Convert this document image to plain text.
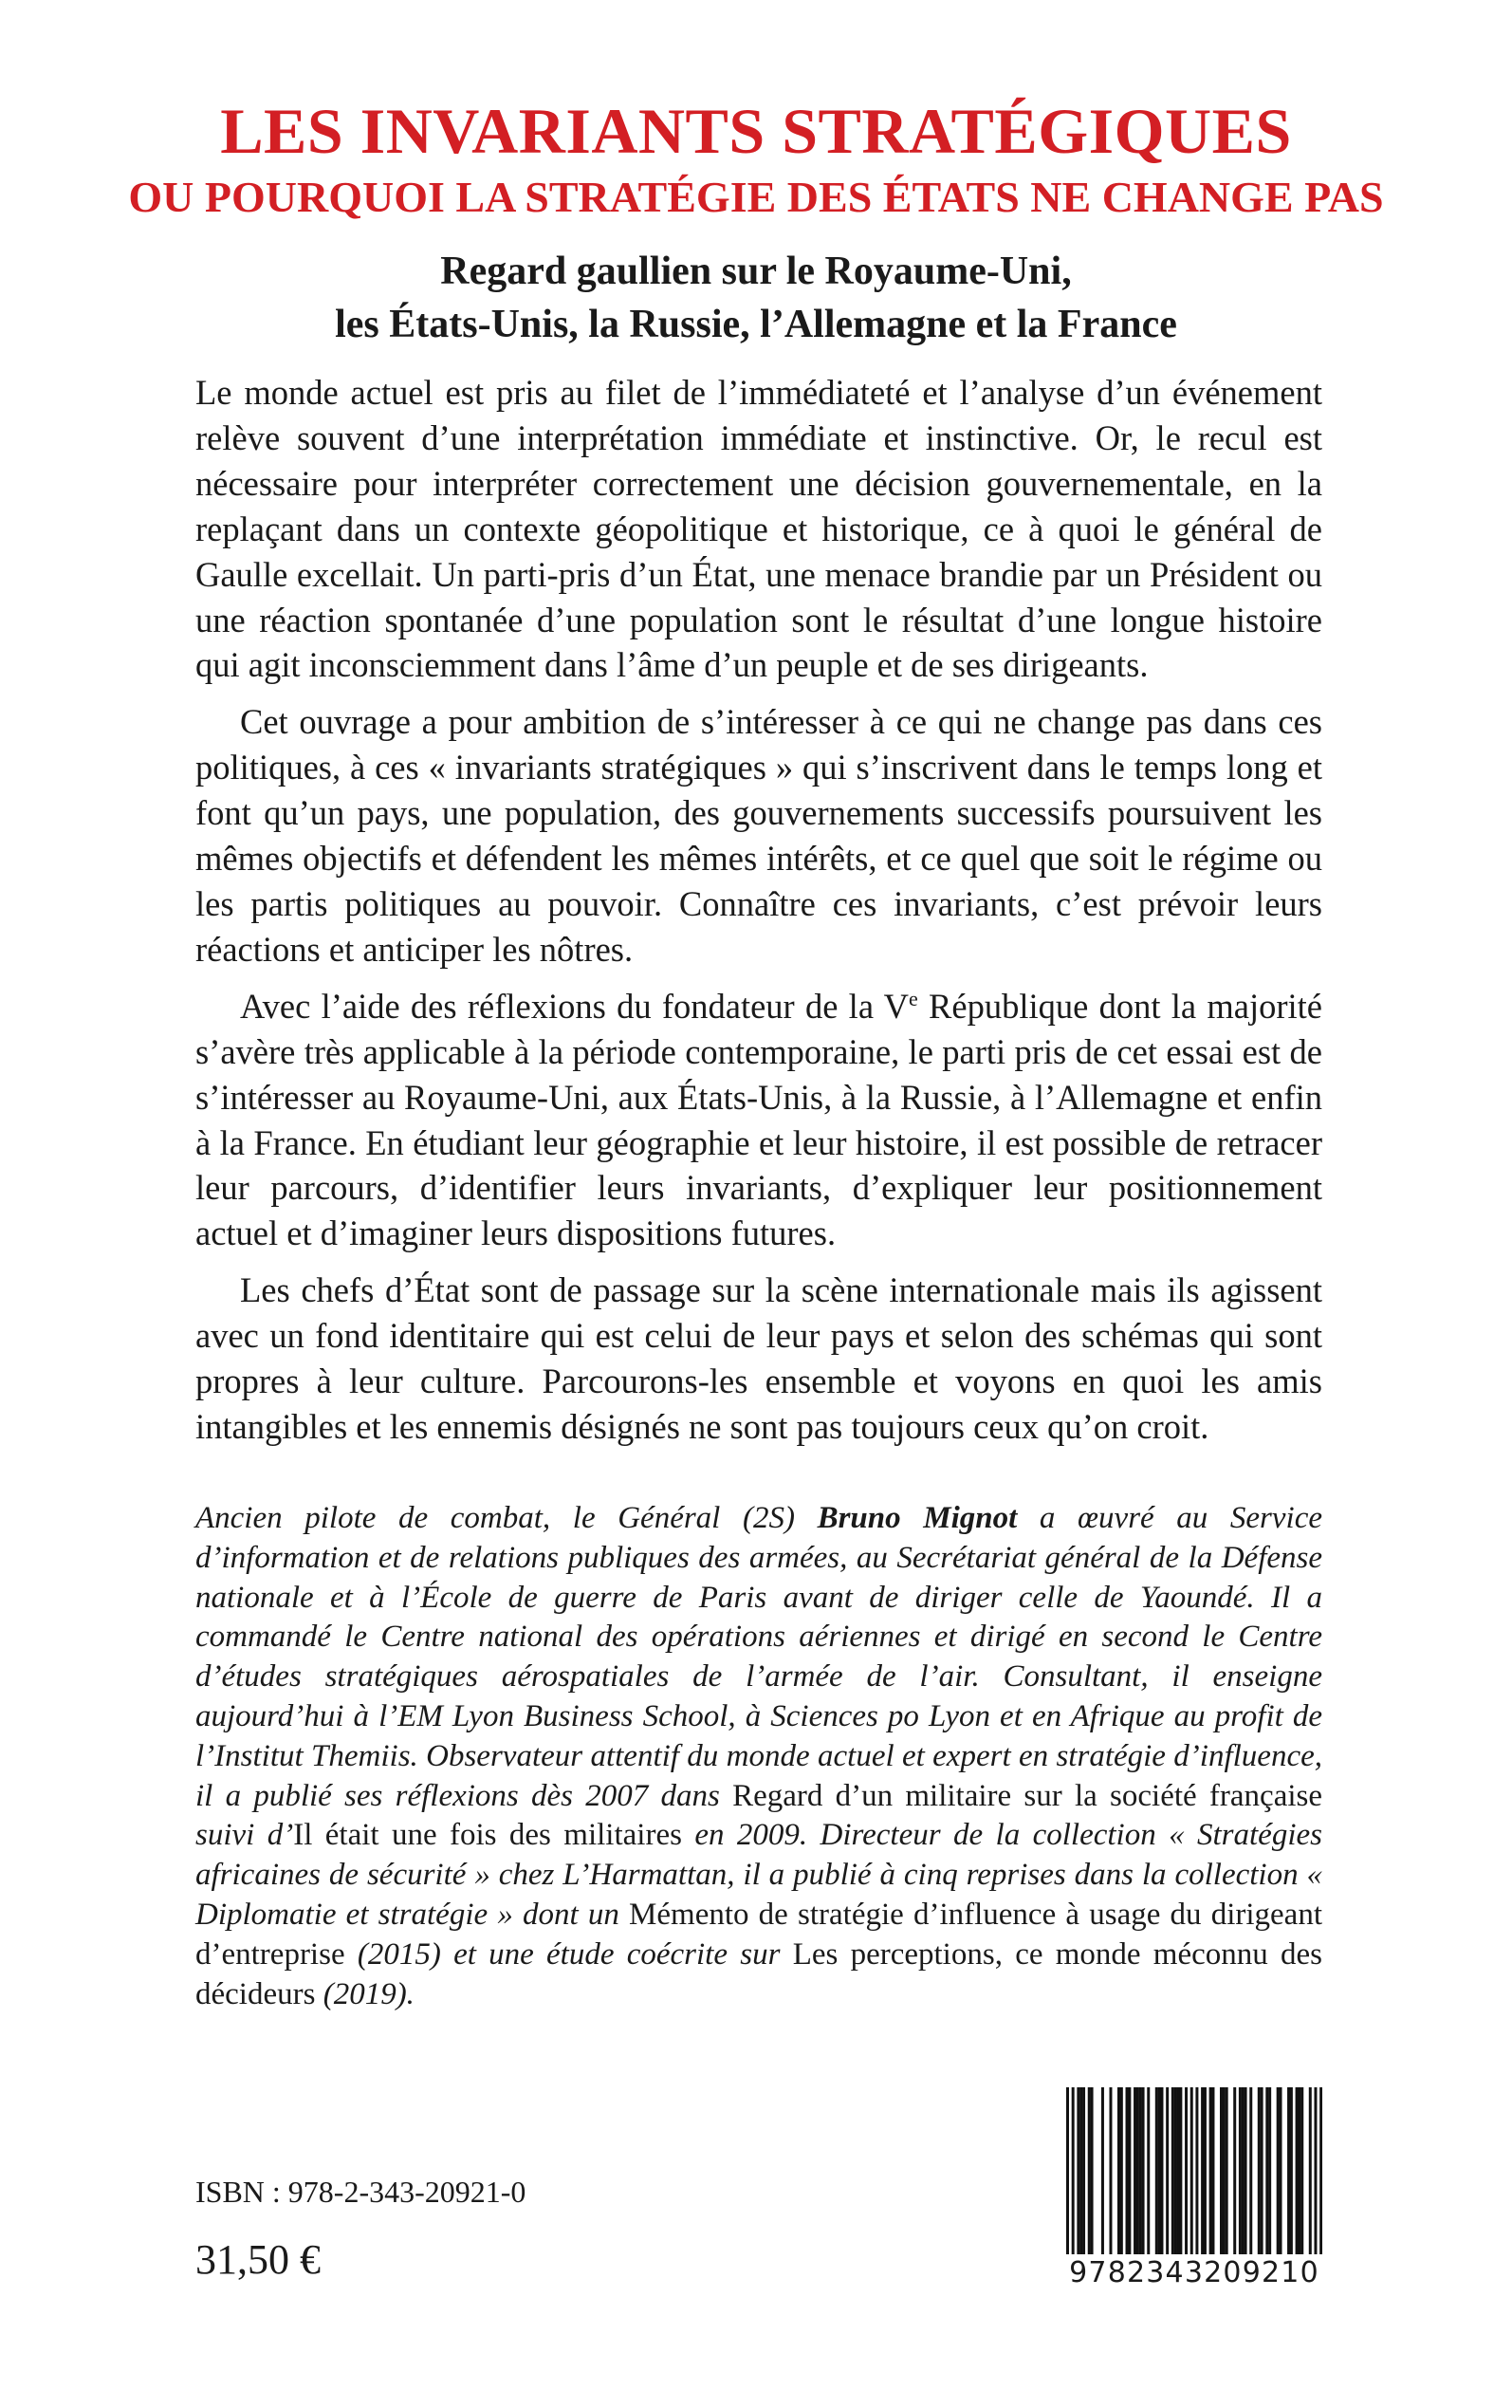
LES INVARIANTS STRATÉGIQUES
OU POURQUOI LA STRATÉGIE DES ÉTATS NE CHANGE PAS
Regard gaullien sur le Royaume-Uni,
les États-Unis, la Russie, l’Allemagne et la France

Le monde actuel est pris au filet de l’immédiateté et l’analyse d’un événement relève souvent d’une interprétation immédiate et instinctive. Or, le recul est nécessaire pour interpréter correctement une décision gouvernementale, en la replaçant dans un contexte géopolitique et historique, ce à quoi le général de Gaulle excellait. Un parti-pris d’un État, une menace brandie par un Président ou une réaction spontanée d’une population sont le résultat d’une longue histoire qui agit inconsciemment dans l’âme d’un peuple et de ses dirigeants.

Cet ouvrage a pour ambition de s’intéresser à ce qui ne change pas dans ces politiques, à ces « invariants stratégiques » qui s’inscrivent dans le temps long et font qu’un pays, une population, des gouvernements successifs poursuivent les mêmes objectifs et défendent les mêmes intérêts, et ce quel que soit le régime ou les partis politiques au pouvoir. Connaître ces invariants, c’est prévoir leurs réactions et anticiper les nôtres.

Avec l’aide des réflexions du fondateur de la Ve République dont la majorité s’avère très applicable à la période contemporaine, le parti pris de cet essai est de s’intéresser au Royaume-Uni, aux États-Unis, à la Russie, à l’Allemagne et enfin à la France. En étudiant leur géographie et leur histoire, il est possible de retracer leur parcours, d’identifier leurs invariants, d’expliquer leur positionnement actuel et d’imaginer leurs dispositions futures.

Les chefs d’État sont de passage sur la scène internationale mais ils agissent avec un fond identitaire qui est celui de leur pays et selon des schémas qui sont propres à leur culture. Parcourons-les ensemble et voyons en quoi les amis intangibles et les ennemis désignés ne sont pas toujours ceux qu’on croit.

Ancien pilote de combat, le Général (2S) Bruno Mignot a œuvré au Service d’information et de relations publiques des armées, au Secrétariat général de la Défense nationale et à l’École de guerre de Paris avant de diriger celle de Yaoundé. Il a commandé le Centre national des opérations aériennes et dirigé en second le Centre d’études stratégiques aérospatiales de l’armée de l’air. Consultant, il enseigne aujourd’hui à l’EM Lyon Business School, à Sciences po Lyon et en Afrique au profit de l’Institut Themiis. Observateur attentif du monde actuel et expert en stratégie d’influence, il a publié ses réflexions dès 2007 dans Regard d’un militaire sur la société française suivi d’Il était une fois des militaires en 2009. Directeur de la collection « Stratégies africaines de sécurité » chez L’Harmattan, il a publié à cinq reprises dans la collection « Diplomatie et stratégie » dont un Mémento de stratégie d’influence à usage du dirigeant d’entreprise (2015) et une étude coécrite sur Les perceptions, ce monde méconnu des décideurs (2019).

ISBN : 978-2-343-20921-0
31,50 €	9782343209210
